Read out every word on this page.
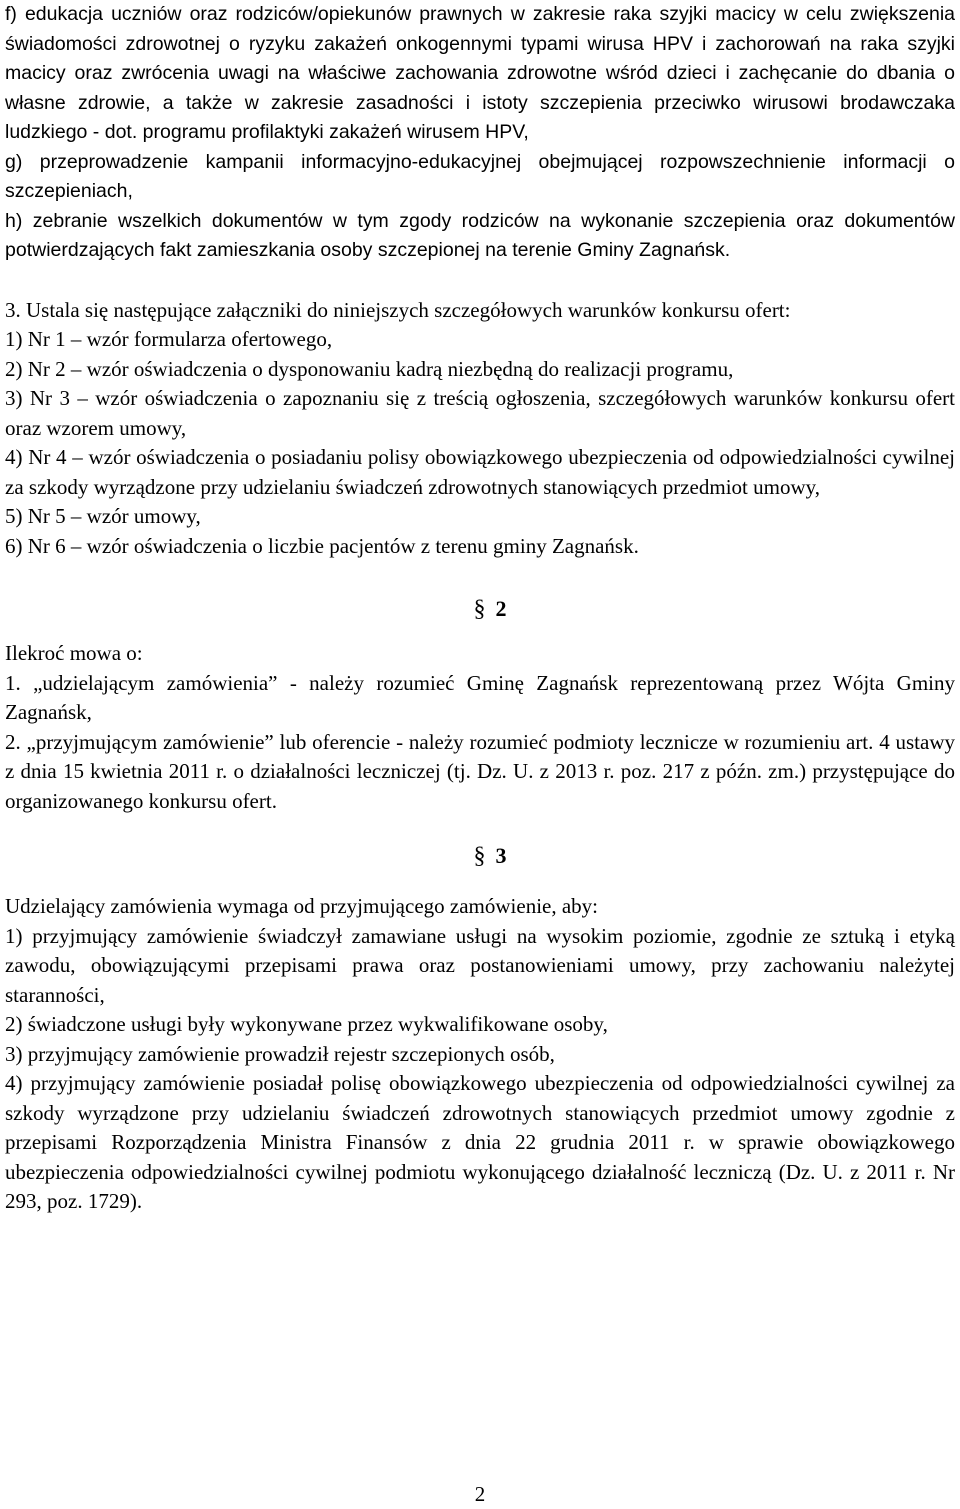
f) edukacja uczniów oraz rodziców/opiekunów prawnych w zakresie raka szyjki macicy w celu zwiększenia świadomości zdrowotnej o ryzyku zakażeń onkogennymi typami wirusa HPV i zachorowań na raka szyjki macicy oraz zwrócenia uwagi na właściwe zachowania zdrowotne wśród dzieci i zachęcanie do dbania o własne zdrowie, a także w zakresie zasadności i istoty szczepienia przeciwko wirusowi brodawczaka ludzkiego - dot. programu profilaktyki zakażeń wirusem HPV,

g) przeprowadzenie kampanii informacyjno-edukacyjnej obejmującej rozpowszechnienie informacji o szczepieniach,

h) zebranie wszelkich dokumentów w tym zgody rodziców na wykonanie szczepienia oraz dokumentów potwierdzających fakt zamieszkania osoby szczepionej na terenie Gminy Zagnańsk.

3. Ustala się następujące załączniki do niniejszych szczegółowych warunków konkursu ofert:

1) Nr 1 – wzór formularza ofertowego,

2) Nr 2 – wzór oświadczenia o dysponowaniu kadrą niezbędną do realizacji programu,

3) Nr 3 – wzór oświadczenia o zapoznaniu się z treścią ogłoszenia, szczegółowych warunków konkursu ofert oraz wzorem umowy,

4) Nr 4 – wzór oświadczenia o posiadaniu polisy obowiązkowego ubezpieczenia od odpowiedzialności cywilnej za szkody wyrządzone przy udzielaniu świadczeń zdrowotnych stanowiących przedmiot umowy,

5) Nr 5 – wzór umowy,

6) Nr 6 – wzór oświadczenia o liczbie pacjentów z terenu gminy Zagnańsk.

§ 2

Ilekroć mowa o:

1. „udzielającym zamówienia” - należy rozumieć Gminę Zagnańsk reprezentowaną przez Wójta Gminy Zagnańsk,

2. „przyjmującym zamówienie” lub oferencie - należy rozumieć podmioty lecznicze w rozumieniu art. 4 ustawy z dnia 15 kwietnia 2011 r. o działalności leczniczej (tj. Dz. U. z 2013 r. poz. 217 z późn. zm.) przystępujące do organizowanego konkursu ofert.

§ 3

Udzielający zamówienia wymaga od przyjmującego zamówienie, aby:

1) przyjmujący zamówienie świadczył zamawiane usługi na wysokim poziomie, zgodnie ze sztuką i etyką zawodu, obowiązującymi przepisami prawa oraz postanowieniami umowy, przy zachowaniu należytej staranności,

2) świadczone usługi były wykonywane przez wykwalifikowane osoby,

3) przyjmujący zamówienie prowadził rejestr szczepionych osób,

4) przyjmujący zamówienie posiadał polisę obowiązkowego ubezpieczenia od odpowiedzialności cywilnej za szkody wyrządzone przy udzielaniu świadczeń zdrowotnych stanowiących przedmiot umowy zgodnie z przepisami Rozporządzenia Ministra Finansów z dnia 22 grudnia 2011 r. w sprawie obowiązkowego ubezpieczenia odpowiedzialności cywilnej podmiotu wykonującego działalność leczniczą (Dz. U. z 2011 r. Nr 293, poz. 1729).

2
